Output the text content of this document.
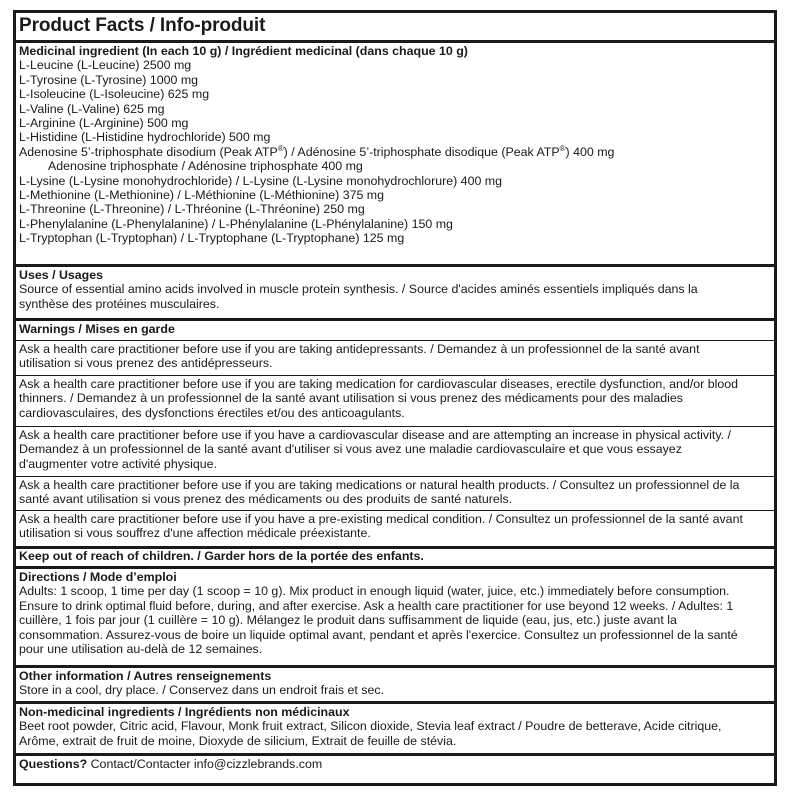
Product Facts / Info-produit
Medicinal ingredient (In each 10 g) / Ingrédient medicinal (dans chaque 10 g)
L-Leucine (L-Leucine) 2500 mg
L-Tyrosine (L-Tyrosine) 1000 mg
L-Isoleucine (L-Isoleucine) 625 mg
L-Valine (L-Valine) 625 mg
L-Arginine (L-Arginine) 500 mg
L-Histidine (L-Histidine hydrochloride) 500 mg
Adenosine 5’-triphosphate disodium (Peak ATP®) / Adénosine 5’-triphosphate disodique (Peak ATP®) 400 mg
Adenosine triphosphate / Adénosine triphosphate 400 mg
L-Lysine (L-Lysine monohydrochloride) / L-Lysine (L-Lysine monohydrochlorure) 400 mg
L-Methionine (L-Methionine) / L-Méthionine (L-Méthionine) 375 mg
L-Threonine (L-Threonine) / L-Thréonine (L-Thréonine) 250 mg
L-Phenylalanine (L-Phenylalanine) / L-Phénylalanine (L-Phénylalanine) 150 mg
L-Tryptophan (L-Tryptophan) / L-Tryptophane (L-Tryptophane) 125 mg
Uses / Usages
Source of essential amino acids involved in muscle protein synthesis. / Source d'acides aminés essentiels impliqués dans la
synthèse des protéines musculaires.
Warnings / Mises en garde
Ask a health care practitioner before use if you are taking antidepressants. / Demandez à un professionnel de la santé avant
utilisation si vous prenez des antidépresseurs.
Ask a health care practitioner before use if you are taking medication for cardiovascular diseases, erectile dysfunction, and/or blood
thinners. / Demandez à un professionnel de la santé avant utilisation si vous prenez des médicaments pour des maladies
cardiovasculaires, des dysfonctions érectiles et/ou des anticoagulants.
Ask a health care practitioner before use if you have a cardiovascular disease and are attempting an increase in physical activity. /
Demandez à un professionnel de la santé avant d'utiliser si vous avez une maladie cardiovasculaire et que vous essayez
d'augmenter votre activité physique.
Ask a health care practitioner before use if you are taking medications or natural health products. / Consultez un professionnel de la
santé avant utilisation si vous prenez des médicaments ou des produits de santé naturels.
Ask a health care practitioner before use if you have a pre-existing medical condition. / Consultez un professionnel de la santé avant
utilisation si vous souffrez d'une affection médicale préexistante.
Keep out of reach of children. / Garder hors de la portée des enfants.
Directions / Mode d’emploi
Adults: 1 scoop, 1 time per day (1 scoop = 10 g). Mix product in enough liquid (water, juice, etc.) immediately before consumption.
Ensure to drink optimal fluid before, during, and after exercise. Ask a health care practitioner for use beyond 12 weeks. / Adultes: 1
cuillère, 1 fois par jour (1 cuillère = 10 g). Mélangez le produit dans suffisamment de liquide (eau, jus, etc.) juste avant la
consommation. Assurez-vous de boire un liquide optimal avant, pendant et après l'exercice. Consultez un professionnel de la santé
pour une utilisation au-delà de 12 semaines.
Other information / Autres renseignements
Store in a cool, dry place. / Conservez dans un endroit frais et sec.
Non-medicinal ingredients / Ingrédients non médicinaux
Beet root powder, Citric acid, Flavour, Monk fruit extract, Silicon dioxide, Stevia leaf extract / Poudre de betterave, Acide citrique,
Arôme, extrait de fruit de moine, Dioxyde de silicium, Extrait de feuille de stévia.
Questions? Contact/Contacter info@cizzlebrands.com
